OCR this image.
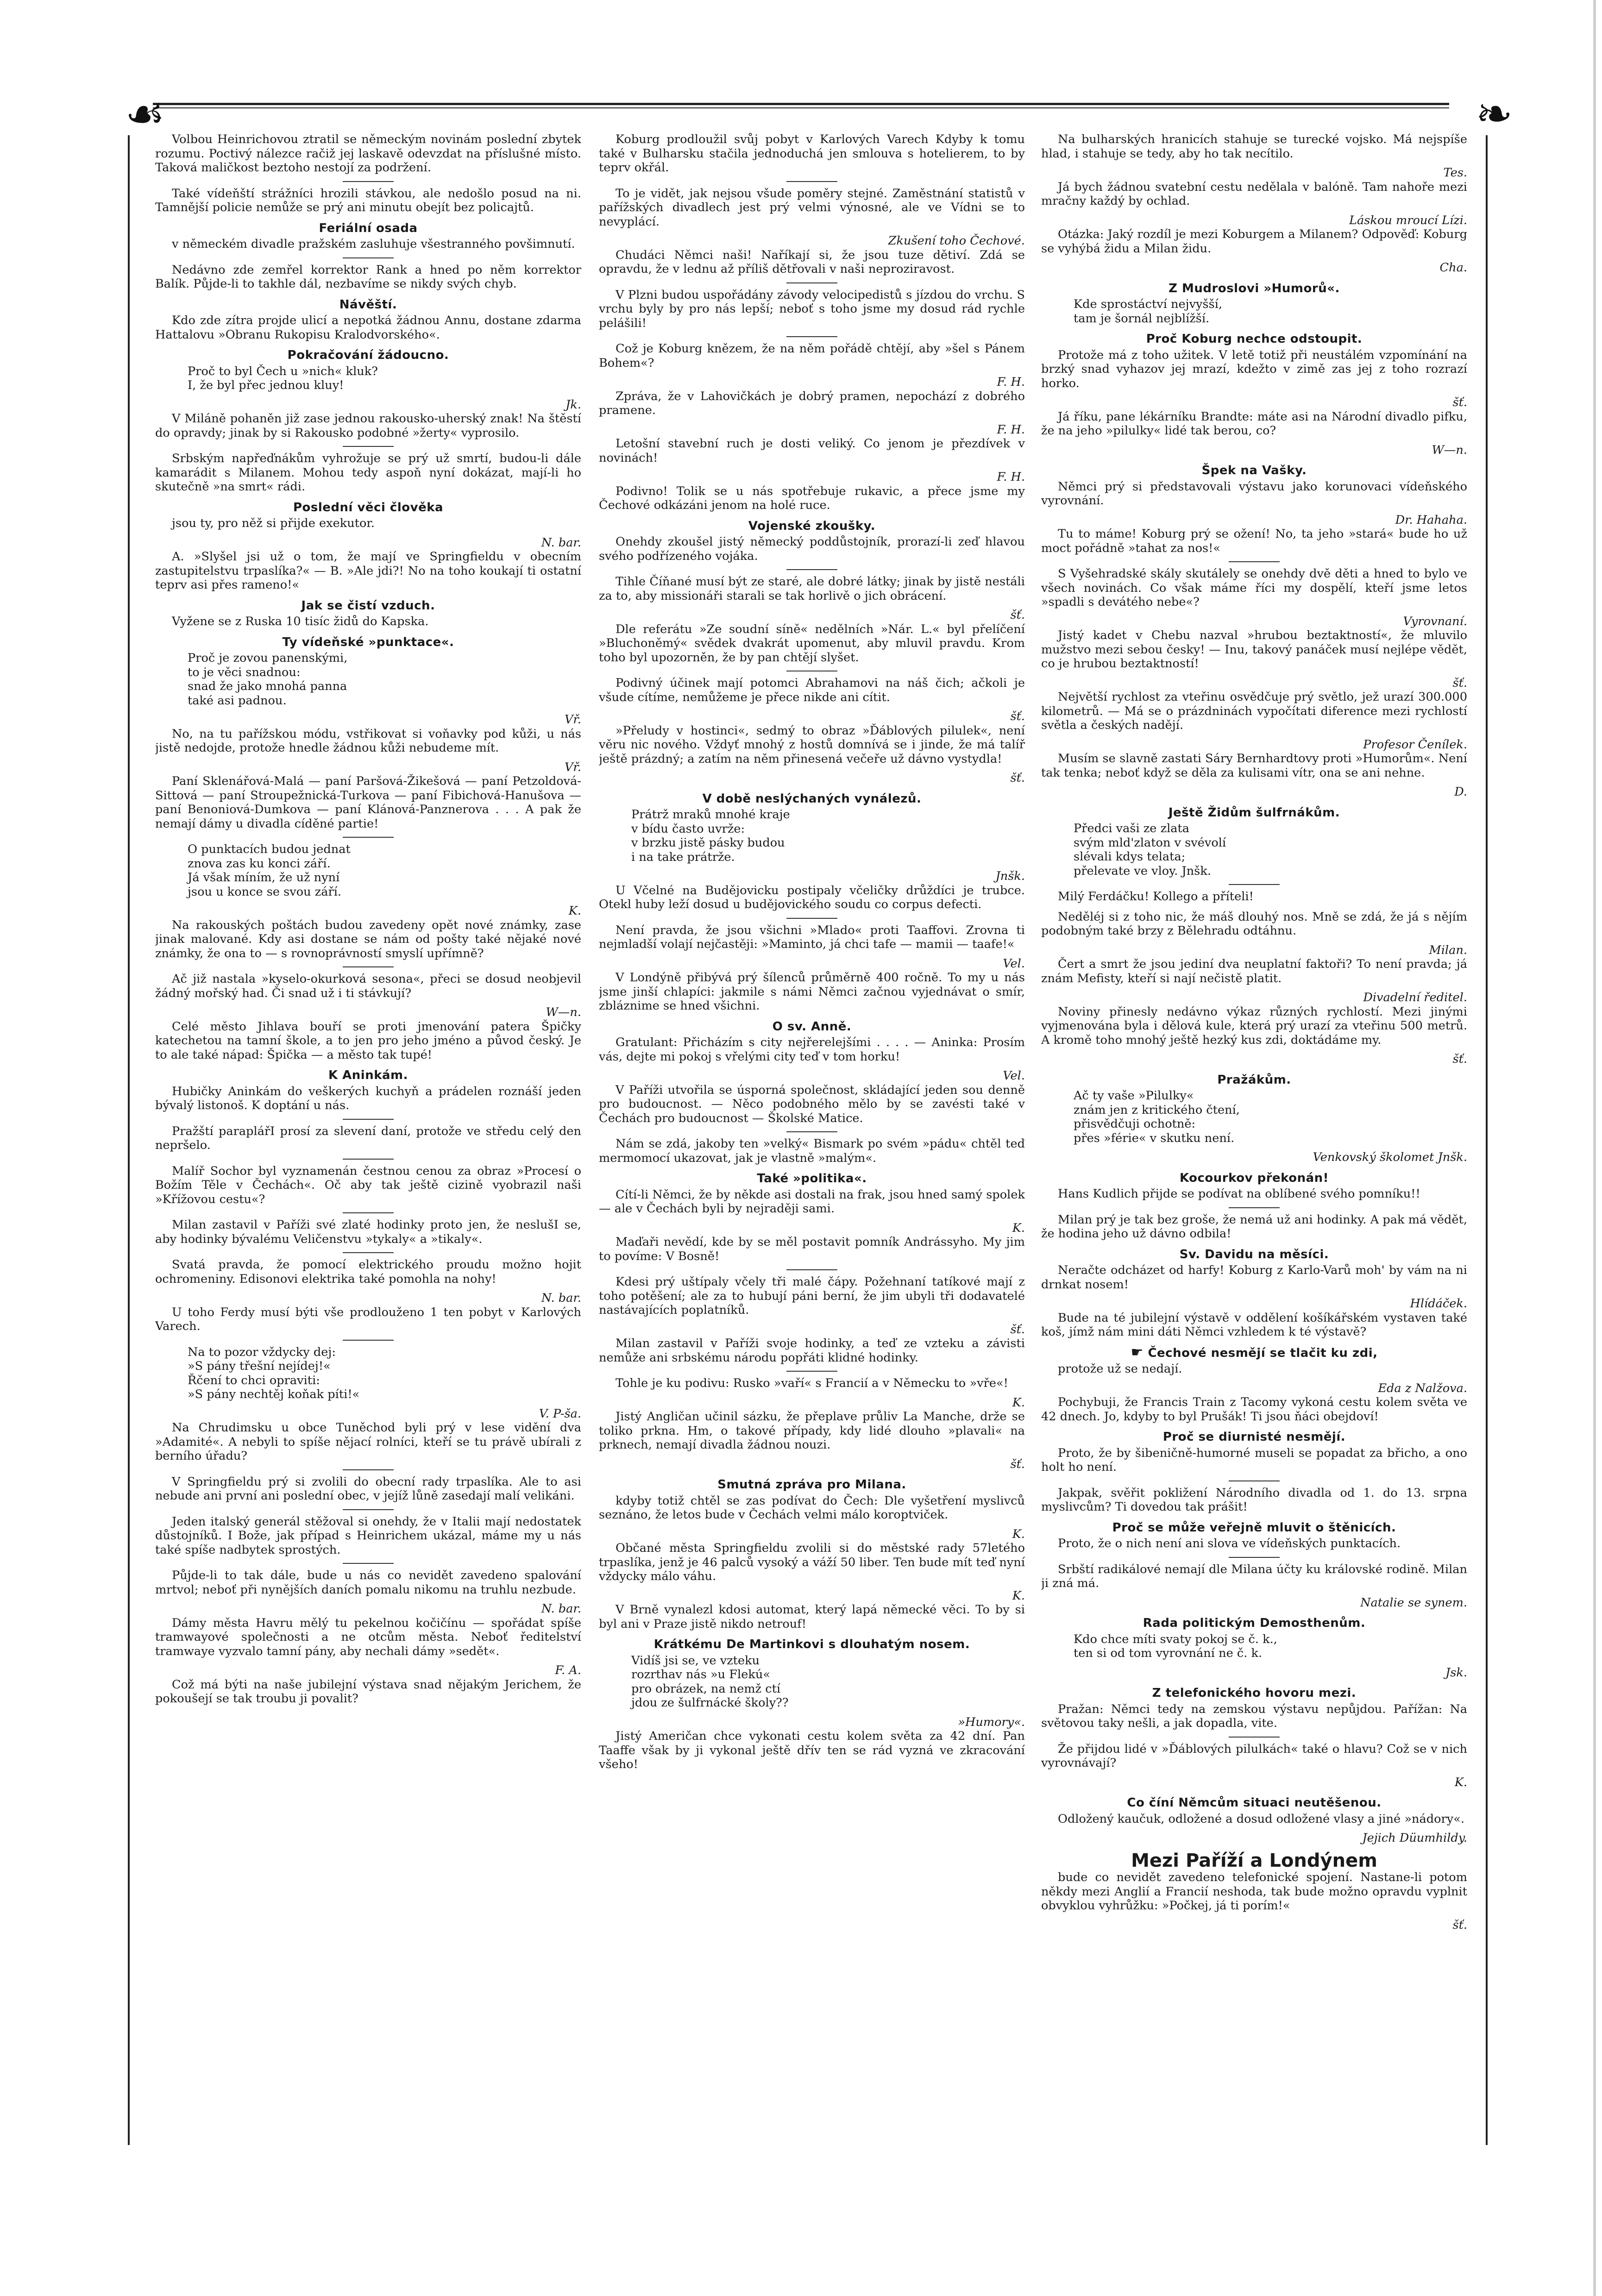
☙	❧

Volbou Heinrichovou ztratil se německým novinám poslední zbytek rozumu. Poctivý nálezce račiž jej laskavě odevzdat na příslušné místo. Taková maličkost beztoho nestojí za podržení.

Také vídeňští strážníci hrozili stávkou, ale nedošlo posud na ni. Tamnější policie nemůže se prý ani minutu obejít bez policajtů.

Feriální osada

v německém divadle pražském zasluhuje všestranného povšimnutí.

Nedávno zde zemřel korrektor Rank a hned po něm korrektor Balík. Půjde-li to takhle dál, nezbavíme se nikdy svých chyb.

Návěští.

Kdo zde zítra projde ulicí a nepotká žádnou Annu, dostane zdarma Hattalovu »Obranu Rukopisu Kralodvorského«.

Pokračování žádoucno.
Proč to byl Čech u »nich« kluk?
I, že byl přec jednou kluy!
Jk.

V Miláně pohaněn již zase jednou rakousko-uherský znak! Na štěstí do opravdy; jinak by si Rakousko podobné »žerty« vyprosilo.

Srbským napřeďnákům vyhrožuje se prý už smrtí, budou-li dále kamarádit s Milanem. Mohou tedy aspoň nyní dokázat, mají-li ho skutečně »na smrt« rádi.

Poslední věci člověka

jsou ty, pro něž si přijde exekutor.

N. bar.

A. »Slyšel jsi už o tom, že mají ve Springfieldu v obecním zastupitelstvu trpaslíka?« — B. »Ale jdi?! No na toho koukají ti ostatní teprv asi přes rameno!«

Jak se čistí vzduch.

Vyžene se z Ruska 10 tisíc židů do Kapska.

Ty vídeňské »punktace«.
Proč je zovou panenskými,
to je věci snadnou:
snad že jako mnohá panna
také asi padnou.
Vř.

No, na tu pařížskou módu, vstřikovat si voňavky pod kůži, u nás jistě nedojde, protože hnedle žádnou kůži nebudeme mít.

Vř.

Paní Sklenářová-Malá — paní Paršová-Žikešová — paní Petzoldová-Sittová — paní Stroupežnická-Turkova — paní Fibichová-Hanušova — paní Benoniová-Dumkova — paní Klánová-Panznerova . . . A pak že nemají dámy u divadla cíděné partie!

O punktacích budou jednat
znova zas ku konci září.
Já však míním, že už nyní
jsou u konce se svou září.
K.

Na rakouských poštách budou zavedeny opět nové známky, zase jinak malované. Kdy asi dostane se nám od pošty také nějaké nové známky, že ona to — s rovnoprávností smyslí upřímně?

Ač již nastala »kyselo-okurková sesona«, přeci se dosud neobjevil žádný mořský had. Či snad už i ti stávkují?

W—n.

Celé město Jihlava bouří se proti jmenování patera Špičky katechetou na tamní škole, a to jen pro jeho jméno a původ český. Je to ale také nápad: Špička — a město tak tupé!

K Aninkám.

Hubičky Aninkám do veškerých kuchyň a prádelen roznáší jeden bývalý listonoš. K doptání u nás.

Pražští paraplářI prosí za slevení daní, protože ve středu celý den nepršelo.

Malíř Sochor byl vyznamenán čestnou cenou za obraz »Procesí o Božím Těle v Čechách«. Oč aby tak ještě cizině vyobrazil naši »Křížovou cestu«?

Milan zastavil v Paříži své zlaté hodinky proto jen, že neslušI se, aby hodinky bývalému Veličenstvu »tykaly« a »tikaly«.

Svatá pravda, že pomocí elektrického proudu možno hojit ochromeniny. Edisonovi elektrika také pomohla na nohy!

N. bar.

U toho Ferdy musí býti vše prodlouženo 1 ten pobyt v Karlových Varech.

Na to pozor vždycky dej:
»S pány třešní nejídej!«
Řčení to chci opraviti:
»S pány nechtěj koňak píti!«
V. P-ša.

Na Chrudimsku u obce Tuněchod byli prý v lese vidění dva »Adamité«. A nebyli to spíše nějací rolníci, kteří se tu právě ubírali z berního úřadu?

V Springfieldu prý si zvolili do obecní rady trpaslíka. Ale to asi nebude ani první ani poslední obec, v jejíž lůně zasedají malí velikáni.

Jeden italský generál stěžoval si onehdy, že v Italii mají nedostatek důstojníků. I Bože, jak případ s Heinrichem ukázal, máme my u nás také spíše nadbytek sprostých.

Půjde-li to tak dále, bude u nás co nevidět zavedeno spalování mrtvol; neboť při nynějších daních pomalu nikomu na truhlu nezbude.

N. bar.

Dámy města Havru mělý tu pekelnou kočičínu — spořádat spíše tramwayové společnosti a ne otcům města. Neboť ředitelství tramwaye vyzvalo tamní pány, aby nechali dámy »sedět«.

F. A.

Což má býti na naše jubilejní výstava snad nějakým Jerichem, že pokoušejí se tak troubu ji povalit?

Koburg prodloužil svůj pobyt v Karlových Varech Kdyby k tomu také v Bulharsku stačila jednoduchá jen smlouva s hotelierem, to by teprv okřál.

To je vidět, jak nejsou všude poměry stejné. Zaměstnání statistů v pařížských divadlech jest prý velmi výnosné, ale ve Vídni se to nevyplácí.

Zkušení toho Čechové.

Chudáci Němci naši! Naříkají si, že jsou tuze dětiví. Zdá se opravdu, že v lednu až příliš dětřovali v naši neproziravost.

V Plzni budou uspořádány závody velocipedistů s jízdou do vrchu. S vrchu byly by pro nás lepší; neboť s toho jsme my dosud rád rychle pelášili!

Což je Koburg knězem, že na něm pořádě chtějí, aby »šel s Pánem Bohem«?

F. H.

Zpráva, že v Lahovičkách je dobrý pramen, nepochází z dobrého pramene.

F. H.

Letošní stavební ruch je dosti veliký. Co jenom je přezdívek v novinách!

F. H.

Podivno! Tolik se u nás spotřebuje rukavic, a přece jsme my Čechové odkázáni jenom na holé ruce.

Vojenské zkoušky.

Onehdy zkoušel jistý německý poddůstojník, prorazí-li zeď hlavou svého podřízeného vojáka.

Tihle Číňané musí být ze staré, ale dobré látky; jinak by jistě nestáli za to, aby missionáři starali se tak horlivě o jich obrácení.

šť.

Dle referátu »Ze soudní síně« nedělních »Nár. L.« byl přelíčení »Bluchoněmý« svědek dvakrát upomenut, aby mluvil pravdu. Krom toho byl upozorněn, že by pan chtějí slyšet.

Podivný účinek mají potomci Abrahamovi na náš čich; ačkoli je všude cítíme, nemůžeme je přece nikde ani cítit.

šť.

»Přeludy v hostinci«, sedmý to obraz »Ďáblových pilulek«, není věru nic nového. Vždyť mnohý z hostů domnívá se i jinde, že má talíř ještě prázdný; a zatím na něm přinesená večeře už dávno vystydla!

šť.
V době neslýchaných vynálezů.
Prátrž mraků mnohé kraje
v bídu často uvrže:
v brzku jistě pásky budou
i na take prátrže.
Jnšk.

U Včelné na Budějovicku postipaly včeličky drůždíci je trubce. Otekl huby leží dosud u budějovického soudu co corpus defecti.

Není pravda, že jsou všichni »Mlado« proti Taaffovi. Zrovna ti nejmladší volají nejčastěji: »Maminto, já chci tafe — mamii — taafe!«

Vel.

V Londýně přibývá prý šílenců průměrně 400 ročně. To my u nás jsme jinší chlapíci: jakmile s námi Němci začnou vyjednávat o smír, zbláznime se hned všichni.

O sv. Anně.

Gratulant: Přicházím s city nejřerelejšími . . . . — Aninka: Prosím vás, dejte mi pokoj s vřelými city teď v tom horku!

Vel.

V Paříži utvořila se úsporná společnost, skládající jeden sou denně pro budoucnost. — Něco podobného mělo by se zavésti také v Čechách pro budoucnost — Školské Matice.

Nám se zdá, jakoby ten »velký« Bismark po svém »pádu« chtěl teď mermomocí ukazovat, jak je vlastně »malým«.

Také »politika«.

Cítí-li Němci, že by někde asi dostali na frak, jsou hned samý spolek — ale v Čechách byli by nejraději sami.

K.

Maďaři nevědí, kde by se měl postavit pomník Andrássyho. My jim to povíme: V Bosně!

Kdesi prý uštípaly včely tři malé čápy. Požehnaní tatíkové mají z toho potěšení; ale za to hubují páni berní, že jim ubyli tři dodavatelé nastávajících poplatníků.

šť.

Milan zastavil v Paříži svoje hodinky, a teď ze vzteku a závisti nemůže ani srbskému národu popřáti klidné hodinky.

Tohle je ku podivu: Rusko »vaří« s Francií a v Německu to »vře«!

K.

Jistý Angličan učinil sázku, že přeplave průliv La Manche, drže se toliko prkna. Hm, o takové případy, kdy lidé dlouho »plavali« na prknech, nemají divadla žádnou nouzi.

šť.
Smutná zpráva pro Milana.

kdyby totiž chtěl se zas podívat do Čech: Dle vyšetření myslivců seznáno, že letos bude v Čechách velmi málo koroptviček.

K.

Občané města Springfieldu zvolili si do městské rady 57letého trpaslíka, jenž je 46 palců vysoký a váží 50 liber. Ten bude mít teď nyní vždycky málo váhu.

K.

V Brně vynalezl kdosi automat, který lapá německé věci. To by si byl ani v Praze jistě nikdo netrouf!

Krátkému De Martinkovi s dlouhatým nosem.
Vidíš jsi se, ve vzteku
rozrthav nás »u Flekú«
pro obrázek, na nemž ctí
jdou ze šulfrnácké školy??
»Humory«.

Jistý Američan chce vykonati cestu kolem světa za 42 dní. Pan Taaffe však by ji vykonal ještě dřív ten se rád vyzná ve zkracování všeho!

Na bulharských hranicích stahuje se turecké vojsko. Má nejspíše hlad, i stahuje se tedy, aby ho tak necítilo.

Tes.

Já bych žádnou svatební cestu nedělala v balóně. Tam nahoře mezi mračny každý by ochlad.

Láskou mroucí Lízi.

Otázka: Jaký rozdíl je mezi Koburgem a Milanem? Odpověď: Koburg se vyhýbá židu a Milan židu.

Cha.
Z Mudroslovi »Humorů«.
Kde sprostáctví nejvyšší,
tam je šornál nejblížší.
Proč Koburg nechce odstoupit.

Protože má z toho užitek. V letě totiž při neustálém vzpomínání na brzký snad vyhazov jej mrazí, kdežto v zimě zas jej z toho rozrazí horko.

šť.

Já říku, pane lékárníku Brandte: máte asi na Národní divadlo pifku, že na jeho »pilulky« lidé tak berou, co?

W—n.
Špek na Vašky.

Němci prý si představovali výstavu jako korunovaci vídeňského vyrovnání.

Dr. Hahaha.

Tu to máme! Koburg prý se ožení! No, ta jeho »stará« bude ho už moct pořádně »tahat za nos!«

S Vyšehradské skály skutálely se onehdy dvě děti a hned to bylo ve všech novinách. Co však máme říci my dospělí, kteří jsme letos »spadli s devátého nebe«?

Vyrovnaní.

Jistý kadet v Chebu nazval »hrubou beztaktností«, že mluvilo mužstvo mezi sebou česky! — Inu, takový panáček musí nejlépe vědět, co je hrubou beztaktností!

šť.

Největší rychlost za vteřinu osvědčuje prý světlo, jež urazí 300.000 kilometrů. — Má se o prázdninách vypočítati diference mezi rychlostí světla a českých nadějí.

Profesor Čenílek.

Musím se slavně zastati Sáry Bernhardtovy proti »Humorům«. Není tak tenka; neboť když se děla za kulisami vítr, ona se ani nehne.

D.
Ještě Židům šulfrnákům.
Předci vaši ze zlata
svým mld'zlaton v svévolí
slévali kdys telata;
přelevate ve vloy. Jnšk.

Milý Ferdáčku! Kollego a příteli!

Neděléj si z toho nic, že máš dlouhý nos. Mně se zdá, že já s nějím podobným také brzy z Bělehradu odtáhnu.

Milan.

Čert a smrt že jsou jediní dva neuplatní faktoři? To není pravda; já znám Mefisty, kteří si nají nečistě platit.

Divadelní ředitel.

Noviny přinesly nedávno výkaz různých rychlostí. Mezi jinými vyjmenována byla i dělová kule, která prý urazí za vteřinu 500 metrů. A kromě toho mnohý ještě hezký kus zdi, doktádáme my.

šť.
Pražákům.
Ač ty vaše »Pilulky«
znám jen z kritického čtení,
přisvědčuji ochotně:
přes »férie« v skutku není.
Venkovský školomet Jnšk.
Kocourkov překonán!

Hans Kudlich přijde se podívat na oblíbené svého pomníku!!

Milan prý je tak bez groše, že nemá už ani hodinky. A pak má vědět, že hodina jeho už dávno odbila!

Sv. Davidu na měsíci.

Neračte odcházet od harfy! Koburg z Karlo-Varů moh' by vám na ni drnkat nosem!

Hlídáček.

Bude na té jubilejní výstavě v oddělení košíkářském vystaven také koš, jímž nám mini dáti Němci vzhledem k té výstavě?

☛ Čechové nesmějí se tlačit ku zdi,

protože už se nedají.

Eda z Nalžova.

Pochybuji, že Francis Train z Tacomy vykoná cestu kolem světa ve 42 dnech. Jo, kdyby to byl Prušák! Ti jsou ňáci obejdoví!

Proč se diurnisté nesmějí.

Proto, že by šibeničně-humorné museli se popadat za břicho, a ono holt ho není.

Jakpak, svěřit pokližení Národního divadla od 1. do 13. srpna myslivcům? Ti dovedou tak prášit!

Proč se může veřejně mluvit o štěnicích.

Proto, že o nich není ani slova ve vídeňských punktacích.

Srbští radikálové nemají dle Milana účty ku královské rodině. Milan ji zná má.

Natalie se synem.
Rada politickým Demosthenům.
Kdo chce míti svaty pokoj se č. k.,
ten si od tom vyrovnání ne č. k.
Jsk.
Z telefonického hovoru mezi.

Pražan: Němci tedy na zemskou výstavu nepůjdou. Pařížan: Na světovou taky nešli, a jak dopadla, vite.

Že přijdou lidé v »Ďáblových pilulkách« také o hlavu? Což se v nich vyrovnávají?

K.
Co číní Němcům situaci neutěšenou.

Odložený kaučuk, odložené a dosud odložené vlasy a jiné »nádory«.

Jejich Düumhildy.
Mezi Paříží a Londýnem

bude co nevidět zavedeno telefonické spojení. Nastane-li potom někdy mezi Anglií a Francií neshoda, tak bude možno opravdu vyplnit obvyklou vyhrůžku: »Počkej, já ti porím!«

šť.
